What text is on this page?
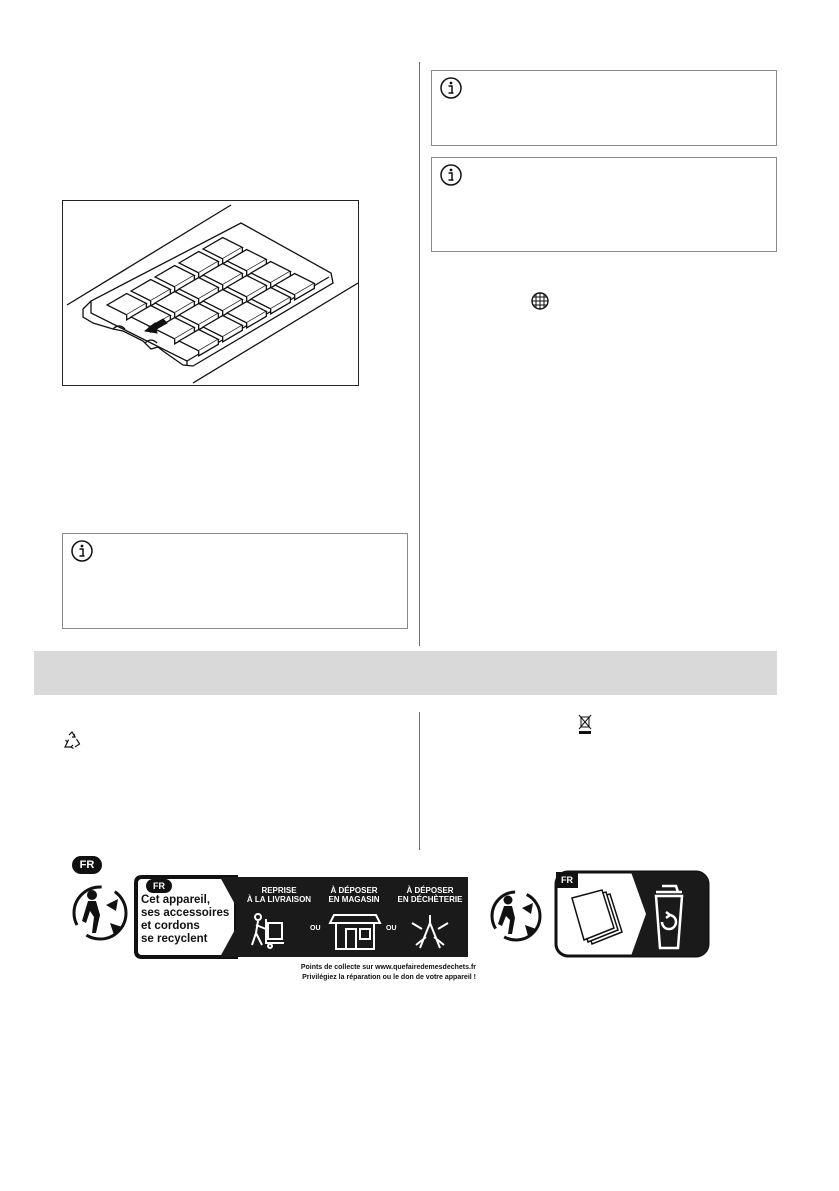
FR
FR
Cet appareil,
ses accessoires
et cordons
se recyclent
REPRISE
À LA LIVRAISON
À DÉPOSER
EN MAGASIN
À DÉPOSER
EN DÉCHÈTERIE
OU	OU
Points de collecte sur www.quefairedemesdechets.fr
Privilégiez la réparation ou le don de votre appareil !
FR
